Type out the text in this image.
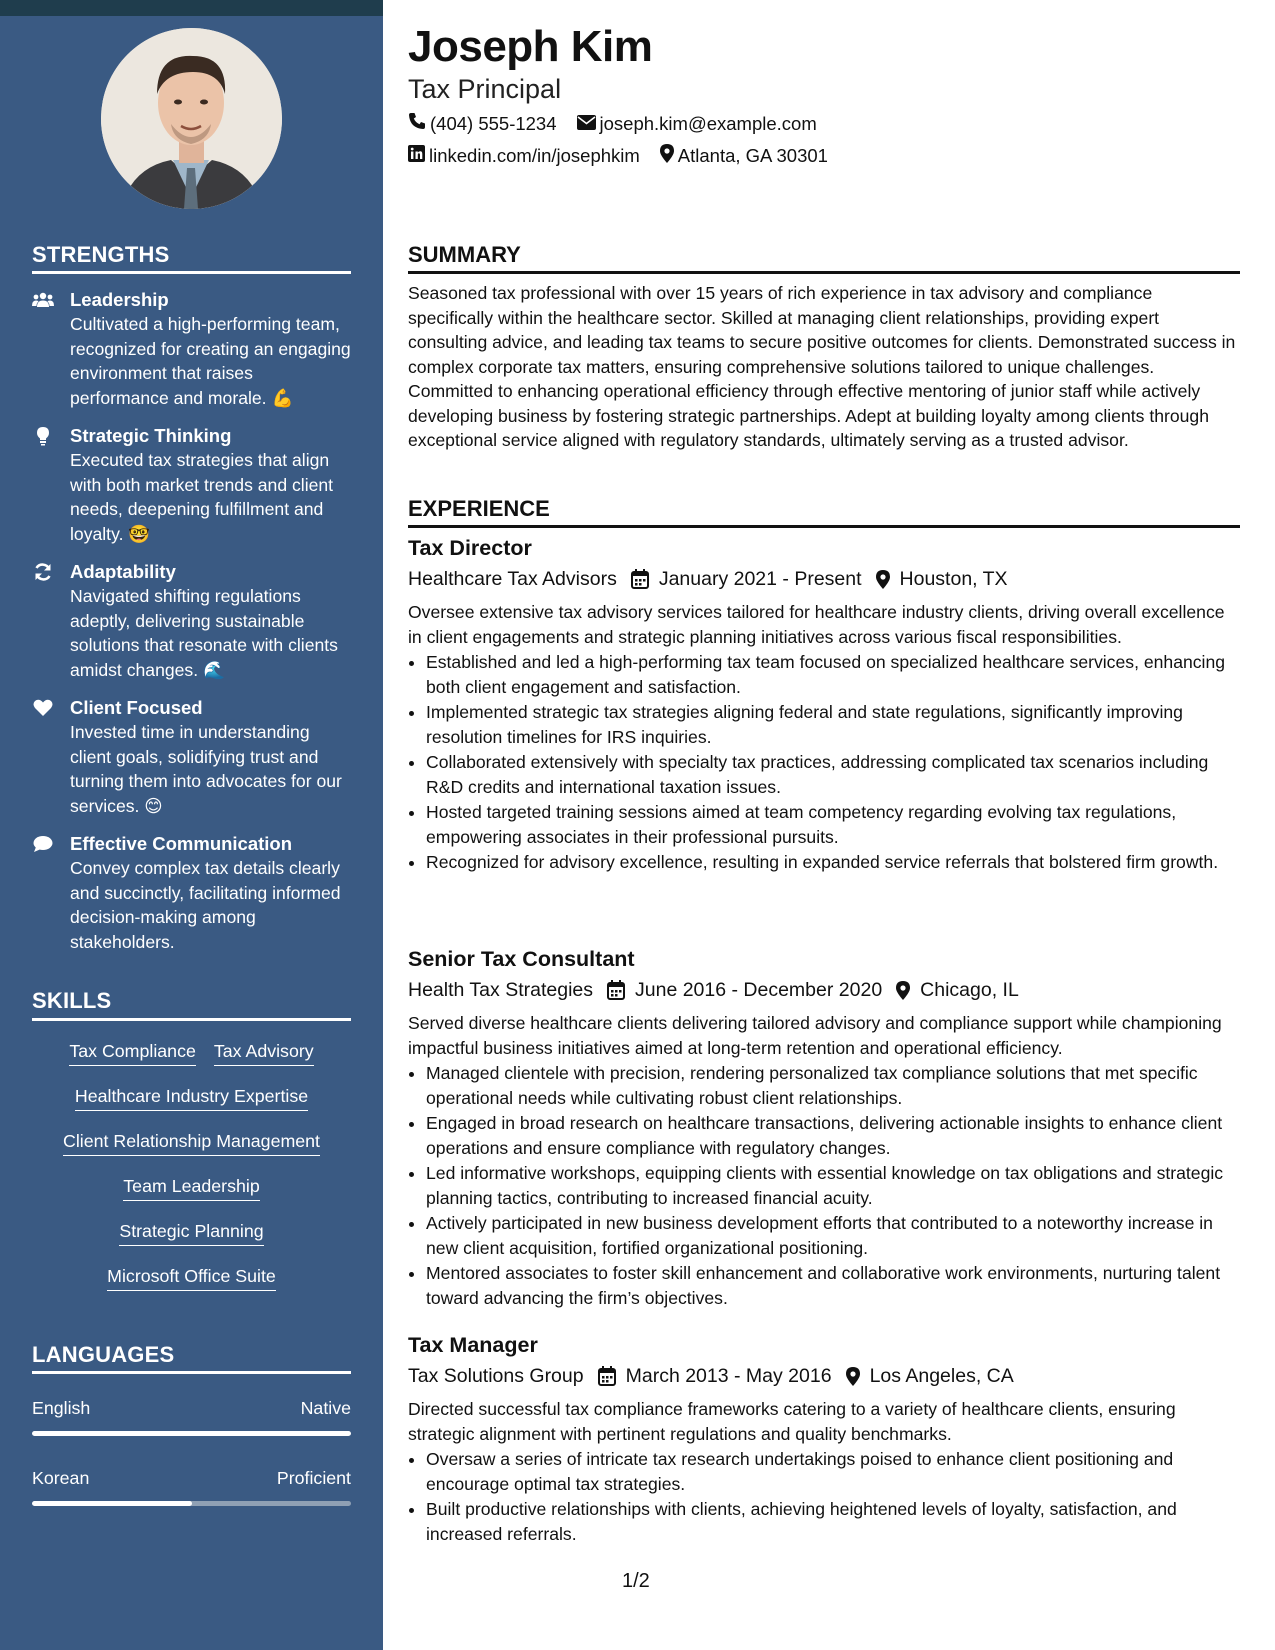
STRENGTHS
Leadership
Cultivated a high-performing team, recognized for creating an engaging environment that raises performance and morale. 💪
Strategic Thinking
Executed tax strategies that align with both market trends and client needs, deepening fulfillment and loyalty. 🤓
Adaptability
Navigated shifting regulations adeptly, delivering sustainable solutions that resonate with clients amidst changes. 🌊
Client Focused
Invested time in understanding client goals, solidifying trust and turning them into advocates for our services. 😊
Effective Communication
Convey complex tax details clearly and succinctly, facilitating informed decision-making among stakeholders.
SKILLS
Tax Compliance Tax Advisory
Healthcare Industry Expertise
Client Relationship Management
Team Leadership
Strategic Planning
Microsoft Office Suite
LANGUAGES
English	Native
Korean	Proficient
Joseph Kim
Tax Principal
(404) 555-1234 joseph.kim@example.com
linkedin.com/in/josephkim Atlanta, GA 30301
SUMMARY
Seasoned tax professional with over 15 years of rich experience in tax advisory and compliance specifically within the healthcare sector. Skilled at managing client relationships, providing expert consulting advice, and leading tax teams to secure positive outcomes for clients. Demonstrated success in complex corporate tax matters, ensuring comprehensive solutions tailored to unique challenges. Committed to enhancing operational efficiency through effective mentoring of junior staff while actively developing business by fostering strategic partnerships. Adept at building loyalty among clients through exceptional service aligned with regulatory standards, ultimately serving as a trusted advisor.
EXPERIENCE
Tax Director
Healthcare Tax Advisors January 2021 - Present Houston, TX
Oversee extensive tax advisory services tailored for healthcare industry clients, driving overall excellence in client engagements and strategic planning initiatives across various fiscal responsibilities.
• Established and led a high-performing tax team focused on specialized healthcare services, enhancing both client engagement and satisfaction.
• Implemented strategic tax strategies aligning federal and state regulations, significantly improving resolution timelines for IRS inquiries.
• Collaborated extensively with specialty tax practices, addressing complicated tax scenarios including R&D credits and international taxation issues.
• Hosted targeted training sessions aimed at team competency regarding evolving tax regulations, empowering associates in their professional pursuits.
• Recognized for advisory excellence, resulting in expanded service referrals that bolstered firm growth.
Senior Tax Consultant
Health Tax Strategies June 2016 - December 2020 Chicago, IL
Served diverse healthcare clients delivering tailored advisory and compliance support while championing impactful business initiatives aimed at long-term retention and operational efficiency.
• Managed clientele with precision, rendering personalized tax compliance solutions that met specific operational needs while cultivating robust client relationships.
• Engaged in broad research on healthcare transactions, delivering actionable insights to enhance client operations and ensure compliance with regulatory changes.
• Led informative workshops, equipping clients with essential knowledge on tax obligations and strategic planning tactics, contributing to increased financial acuity.
• Actively participated in new business development efforts that contributed to a noteworthy increase in new client acquisition, fortified organizational positioning.
• Mentored associates to foster skill enhancement and collaborative work environments, nurturing talent toward advancing the firm’s objectives.
Tax Manager
Tax Solutions Group March 2013 - May 2016 Los Angeles, CA
Directed successful tax compliance frameworks catering to a variety of healthcare clients, ensuring strategic alignment with pertinent regulations and quality benchmarks.
• Oversaw a series of intricate tax research undertakings poised to enhance client positioning and encourage optimal tax strategies.
• Built productive relationships with clients, achieving heightened levels of loyalty, satisfaction, and increased referrals.
1/2
